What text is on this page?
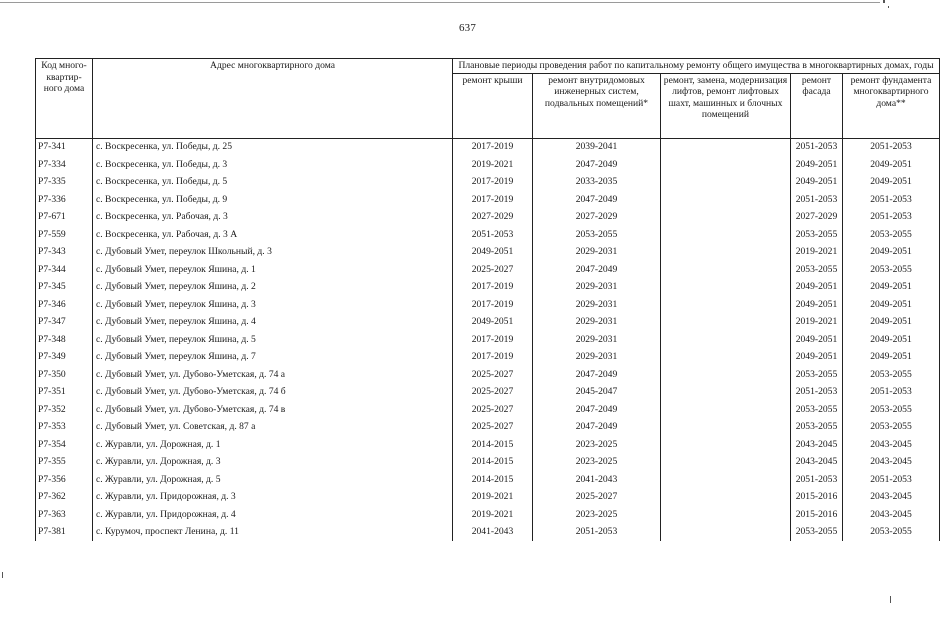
637
Код много-квартир-ного дома	Адрес многоквартирного дома	Плановые периоды проведения работ по капитальному ремонту общего имущества в многоквартирных домах, годы				
		ремонт крыши	ремонт внутридомовых инженерных систем, подвальных помещений*	ремонт, замена, модернизация лифтов, ремонт лифтовых шахт, машинных и блочных помещений	ремонт фасада	ремонт фундамента многоквартирного дома**
Р7-341	с. Воскресенка, ул. Победы, д. 25	2017-2019	2039-2041		2051-2053	2051-2053
Р7-334	с. Воскресенка, ул. Победы, д. 3	2019-2021	2047-2049		2049-2051	2049-2051
Р7-335	с. Воскресенка, ул. Победы, д. 5	2017-2019	2033-2035		2049-2051	2049-2051
Р7-336	с. Воскресенка, ул. Победы, д. 9	2017-2019	2047-2049		2051-2053	2051-2053
Р7-671	с. Воскресенка, ул. Рабочая, д. 3	2027-2029	2027-2029		2027-2029	2051-2053
Р7-559	с. Воскресенка, ул. Рабочая, д. 3 А	2051-2053	2053-2055		2053-2055	2053-2055
Р7-343	с. Дубовый Умет, переулок Школьный, д. 3	2049-2051	2029-2031		2019-2021	2049-2051
Р7-344	с. Дубовый Умет, переулок Яшина, д. 1	2025-2027	2047-2049		2053-2055	2053-2055
Р7-345	с. Дубовый Умет, переулок Яшина, д. 2	2017-2019	2029-2031		2049-2051	2049-2051
Р7-346	с. Дубовый Умет, переулок Яшина, д. 3	2017-2019	2029-2031		2049-2051	2049-2051
Р7-347	с. Дубовый Умет, переулок Яшина, д. 4	2049-2051	2029-2031		2019-2021	2049-2051
Р7-348	с. Дубовый Умет, переулок Яшина, д. 5	2017-2019	2029-2031		2049-2051	2049-2051
Р7-349	с. Дубовый Умет, переулок Яшина, д. 7	2017-2019	2029-2031		2049-2051	2049-2051
Р7-350	с. Дубовый Умет, ул. Дубово-Уметская, д. 74 а	2025-2027	2047-2049		2053-2055	2053-2055
Р7-351	с. Дубовый Умет, ул. Дубово-Уметская, д. 74 б	2025-2027	2045-2047		2051-2053	2051-2053
Р7-352	с. Дубовый Умет, ул. Дубово-Уметская, д. 74 в	2025-2027	2047-2049		2053-2055	2053-2055
Р7-353	с. Дубовый Умет, ул. Советская, д. 87 а	2025-2027	2047-2049		2053-2055	2053-2055
Р7-354	с. Журавли, ул. Дорожная, д. 1	2014-2015	2023-2025		2043-2045	2043-2045
Р7-355	с. Журавли, ул. Дорожная, д. 3	2014-2015	2023-2025		2043-2045	2043-2045
Р7-356	с. Журавли, ул. Дорожная, д. 5	2014-2015	2041-2043		2051-2053	2051-2053
Р7-362	с. Журавли, ул. Придорожная, д. 3	2019-2021	2025-2027		2015-2016	2043-2045
Р7-363	с. Журавли, ул. Придорожная, д. 4	2019-2021	2023-2025		2015-2016	2043-2045
Р7-381	с. Курумоч, проспект Ленина, д. 11	2041-2043	2051-2053		2053-2055	2053-2055
